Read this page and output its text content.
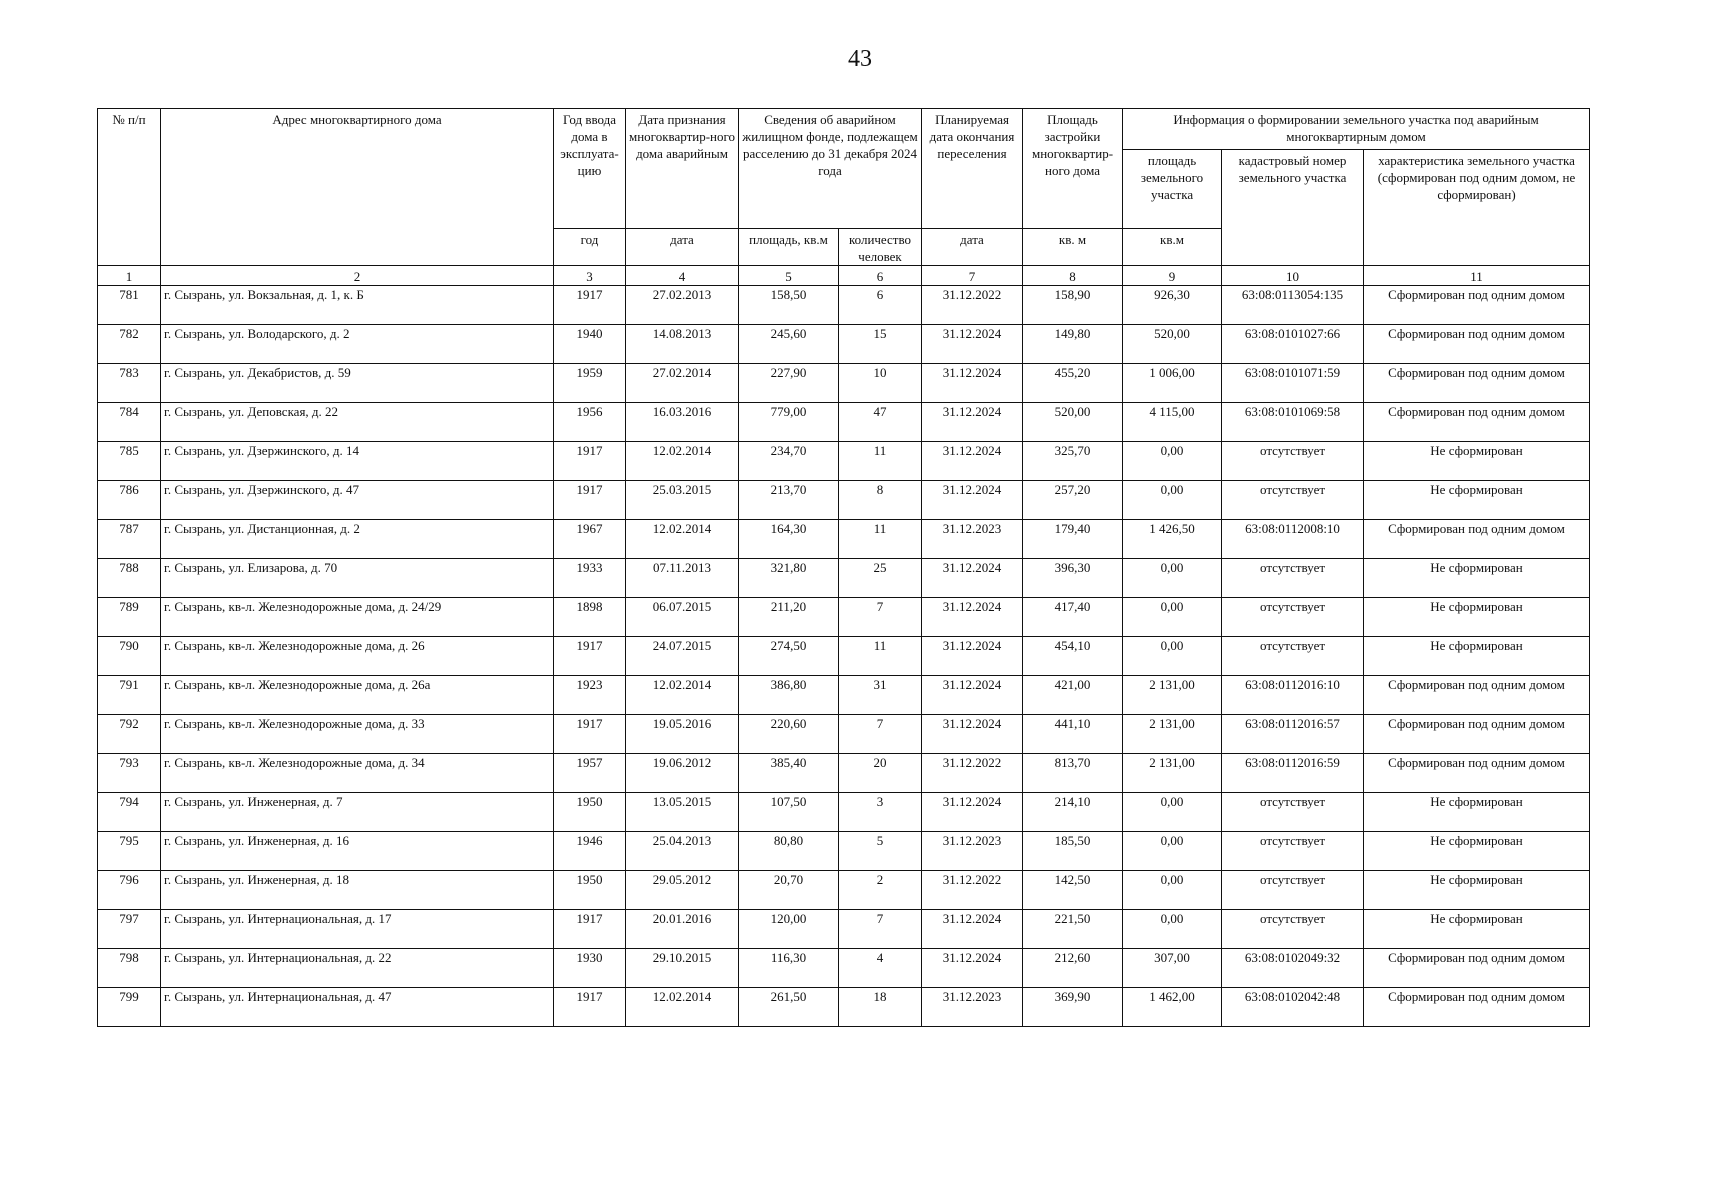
43
№ п/п	Адрес многоквартирного дома	Год ввода дома в эксплуата-цию	Дата признания многоквартир-ного дома аварийным	Сведения об аварийном жилищном фонде, подлежащем расселению до 31 декабря 2024 года		Планируемая дата окончания переселения	Площадь застройки многоквартир-ного дома	Информация о формировании земельного участка под аварийным многоквартирным домом		
								площадь земельного участка	кадастровый номер земельного участка	характеристика земельного участка (сформирован под одним домом, не сформирован)
		год	дата	площадь, кв.м	количество человек	дата	кв. м	кв.м		
1	2	3	4	5	6	7	8	9	10	11
781	г. Сызрань, ул. Вокзальная, д. 1, к. Б	1917	27.02.2013	158,50	6	31.12.2022	158,90	926,30	63:08:0113054:135	Сформирован под одним домом
782	г. Сызрань, ул. Володарского, д. 2	1940	14.08.2013	245,60	15	31.12.2024	149,80	520,00	63:08:0101027:66	Сформирован под одним домом
783	г. Сызрань, ул. Декабристов, д. 59	1959	27.02.2014	227,90	10	31.12.2024	455,20	1 006,00	63:08:0101071:59	Сформирован под одним домом
784	г. Сызрань, ул. Деповская, д. 22	1956	16.03.2016	779,00	47	31.12.2024	520,00	4 115,00	63:08:0101069:58	Сформирован под одним домом
785	г. Сызрань, ул. Дзержинского, д. 14	1917	12.02.2014	234,70	11	31.12.2024	325,70	0,00	отсутствует	Не сформирован
786	г. Сызрань, ул. Дзержинского, д. 47	1917	25.03.2015	213,70	8	31.12.2024	257,20	0,00	отсутствует	Не сформирован
787	г. Сызрань, ул. Дистанционная, д. 2	1967	12.02.2014	164,30	11	31.12.2023	179,40	1 426,50	63:08:0112008:10	Сформирован под одним домом
788	г. Сызрань, ул. Елизарова, д. 70	1933	07.11.2013	321,80	25	31.12.2024	396,30	0,00	отсутствует	Не сформирован
789	г. Сызрань, кв-л. Железнодорожные дома, д. 24/29	1898	06.07.2015	211,20	7	31.12.2024	417,40	0,00	отсутствует	Не сформирован
790	г. Сызрань, кв-л. Железнодорожные дома, д. 26	1917	24.07.2015	274,50	11	31.12.2024	454,10	0,00	отсутствует	Не сформирован
791	г. Сызрань, кв-л. Железнодорожные дома, д. 26а	1923	12.02.2014	386,80	31	31.12.2024	421,00	2 131,00	63:08:0112016:10	Сформирован под одним домом
792	г. Сызрань, кв-л. Железнодорожные дома, д. 33	1917	19.05.2016	220,60	7	31.12.2024	441,10	2 131,00	63:08:0112016:57	Сформирован под одним домом
793	г. Сызрань, кв-л. Железнодорожные дома, д. 34	1957	19.06.2012	385,40	20	31.12.2022	813,70	2 131,00	63:08:0112016:59	Сформирован под одним домом
794	г. Сызрань, ул. Инженерная, д. 7	1950	13.05.2015	107,50	3	31.12.2024	214,10	0,00	отсутствует	Не сформирован
795	г. Сызрань, ул. Инженерная, д. 16	1946	25.04.2013	80,80	5	31.12.2023	185,50	0,00	отсутствует	Не сформирован
796	г. Сызрань, ул. Инженерная, д. 18	1950	29.05.2012	20,70	2	31.12.2022	142,50	0,00	отсутствует	Не сформирован
797	г. Сызрань, ул. Интернациональная, д. 17	1917	20.01.2016	120,00	7	31.12.2024	221,50	0,00	отсутствует	Не сформирован
798	г. Сызрань, ул. Интернациональная, д. 22	1930	29.10.2015	116,30	4	31.12.2024	212,60	307,00	63:08:0102049:32	Сформирован под одним домом
799	г. Сызрань, ул. Интернациональная, д. 47	1917	12.02.2014	261,50	18	31.12.2023	369,90	1 462,00	63:08:0102042:48	Сформирован под одним домом
